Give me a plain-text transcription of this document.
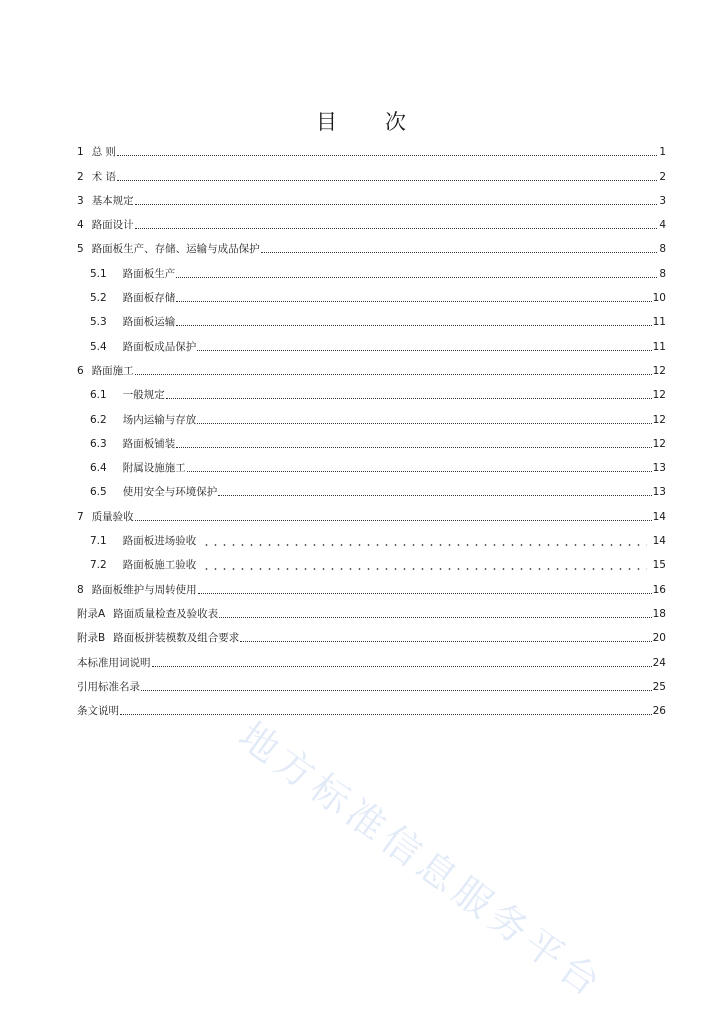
目 次
1 总 则	1
2 术 语	2
3 基本规定	3
4 路面设计	4
5 路面板生产、存储、运输与成品保护	8
5.1 路面板生产	8
5.2 路面板存储	10
5.3 路面板运输	11
5.4 路面板成品保护	11
6 路面施工	12
6.1 一般规定	12
6.2 场内运输与存放	12
6.3 路面板铺装	12
6.4 附属设施施工	13
6.5 使用安全与环境保护	13
7 质量验收	14
7.1 路面板进场验收	14
7.2 路面板施工验收	15
8 路面板维护与周转使用	16
附录A 路面质量检查及验收表	18
附录B 路面板拼装模数及组合要求	20
本标准用词说明	24
引用标准名录	25
条文说明	26
地方标准信息服务平台
